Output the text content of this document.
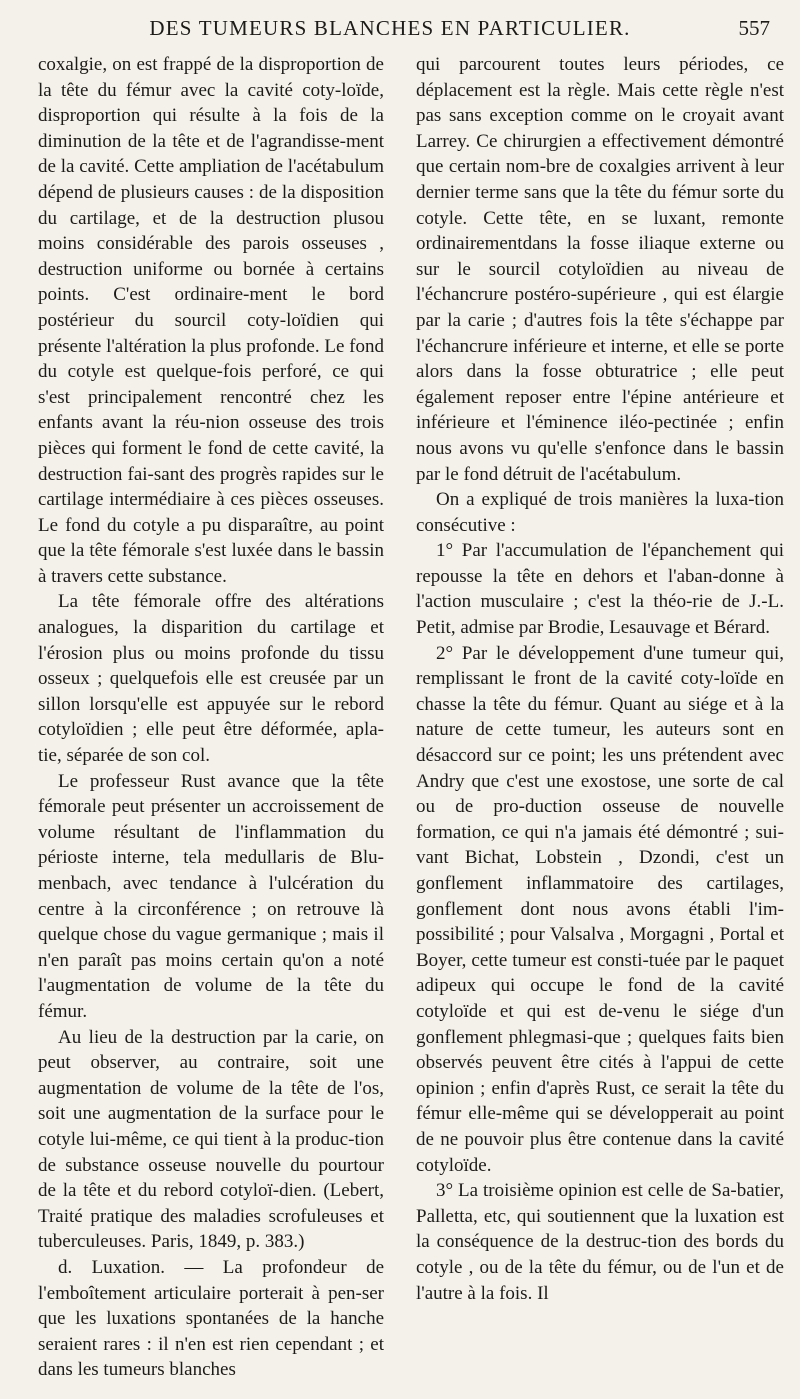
DES TUMEURS BLANCHES EN PARTICULIER.	557

coxalgie, on est frappé de la disproportion de la tête du fémur avec la cavité coty-loïde, disproportion qui résulte à la fois de la diminution de la tête et de l'agrandisse-ment de la cavité. Cette ampliation de l'acétabulum dépend de plusieurs causes : de la disposition du cartilage, et de la destruction plusou moins considérable des parois osseuses , destruction uniforme ou bornée à certains points. C'est ordinaire-ment le bord postérieur du sourcil coty-loïdien qui présente l'altération la plus profonde. Le fond du cotyle est quelque-fois perforé, ce qui s'est principalement rencontré chez les enfants avant la réu-nion osseuse des trois pièces qui forment le fond de cette cavité, la destruction fai-sant des progrès rapides sur le cartilage intermédiaire à ces pièces osseuses. Le fond du cotyle a pu disparaître, au point que la tête fémorale s'est luxée dans le bassin à travers cette substance.

La tête fémorale offre des altérations analogues, la disparition du cartilage et l'érosion plus ou moins profonde du tissu osseux ; quelquefois elle est creusée par un sillon lorsqu'elle est appuyée sur le rebord cotyloïdien ; elle peut être déformée, apla-tie, séparée de son col.

Le professeur Rust avance que la tête fémorale peut présenter un accroissement de volume résultant de l'inflammation du périoste interne, tela medullaris de Blu-menbach, avec tendance à l'ulcération du centre à la circonférence ; on retrouve là quelque chose du vague germanique ; mais il n'en paraît pas moins certain qu'on a noté l'augmentation de volume de la tête du fémur.

Au lieu de la destruction par la carie, on peut observer, au contraire, soit une augmentation de volume de la tête de l'os, soit une augmentation de la surface pour le cotyle lui-même, ce qui tient à la produc-tion de substance osseuse nouvelle du pourtour de la tête et du rebord cotyloï-dien. (Lebert, Traité pratique des maladies scrofuleuses et tuberculeuses. Paris, 1849, p. 383.)

d. Luxation. — La profondeur de l'emboîtement articulaire porterait à pen-ser que les luxations spontanées de la hanche seraient rares : il n'en est rien cependant ; et dans les tumeurs blanches

qui parcourent toutes leurs périodes, ce déplacement est la règle. Mais cette règle n'est pas sans exception comme on le croyait avant Larrey. Ce chirurgien a effectivement démontré que certain nom-bre de coxalgies arrivent à leur dernier terme sans que la tête du fémur sorte du cotyle. Cette tête, en se luxant, remonte ordinairementdans la fosse iliaque externe ou sur le sourcil cotyloïdien au niveau de l'échancrure postéro-supérieure , qui est élargie par la carie ; d'autres fois la tête s'échappe par l'échancrure inférieure et interne, et elle se porte alors dans la fosse obturatrice ; elle peut également reposer entre l'épine antérieure et inférieure et l'éminence iléo-pectinée ; enfin nous avons vu qu'elle s'enfonce dans le bassin par le fond détruit de l'acétabulum.

On a expliqué de trois manières la luxa-tion consécutive :

1° Par l'accumulation de l'épanchement qui repousse la tête en dehors et l'aban-donne à l'action musculaire ; c'est la théo-rie de J.-L. Petit, admise par Brodie, Lesauvage et Bérard.

2° Par le développement d'une tumeur qui, remplissant le front de la cavité coty-loïde en chasse la tête du fémur. Quant au siége et à la nature de cette tumeur, les auteurs sont en désaccord sur ce point; les uns prétendent avec Andry que c'est une exostose, une sorte de cal ou de pro-duction osseuse de nouvelle formation, ce qui n'a jamais été démontré ; sui-vant Bichat, Lobstein , Dzondi, c'est un gonflement inflammatoire des cartilages, gonflement dont nous avons établi l'im-possibilité ; pour Valsalva , Morgagni , Portal et Boyer, cette tumeur est consti-tuée par le paquet adipeux qui occupe le fond de la cavité cotyloïde et qui est de-venu le siége d'un gonflement phlegmasi-que ; quelques faits bien observés peuvent être cités à l'appui de cette opinion ; enfin d'après Rust, ce serait la tête du fémur elle-même qui se développerait au point de ne pouvoir plus être contenue dans la cavité cotyloïde.

3° La troisième opinion est celle de Sa-batier, Palletta, etc, qui soutiennent que la luxation est la conséquence de la destruc-tion des bords du cotyle , ou de la tête du fémur, ou de l'un et de l'autre à la fois. Il
